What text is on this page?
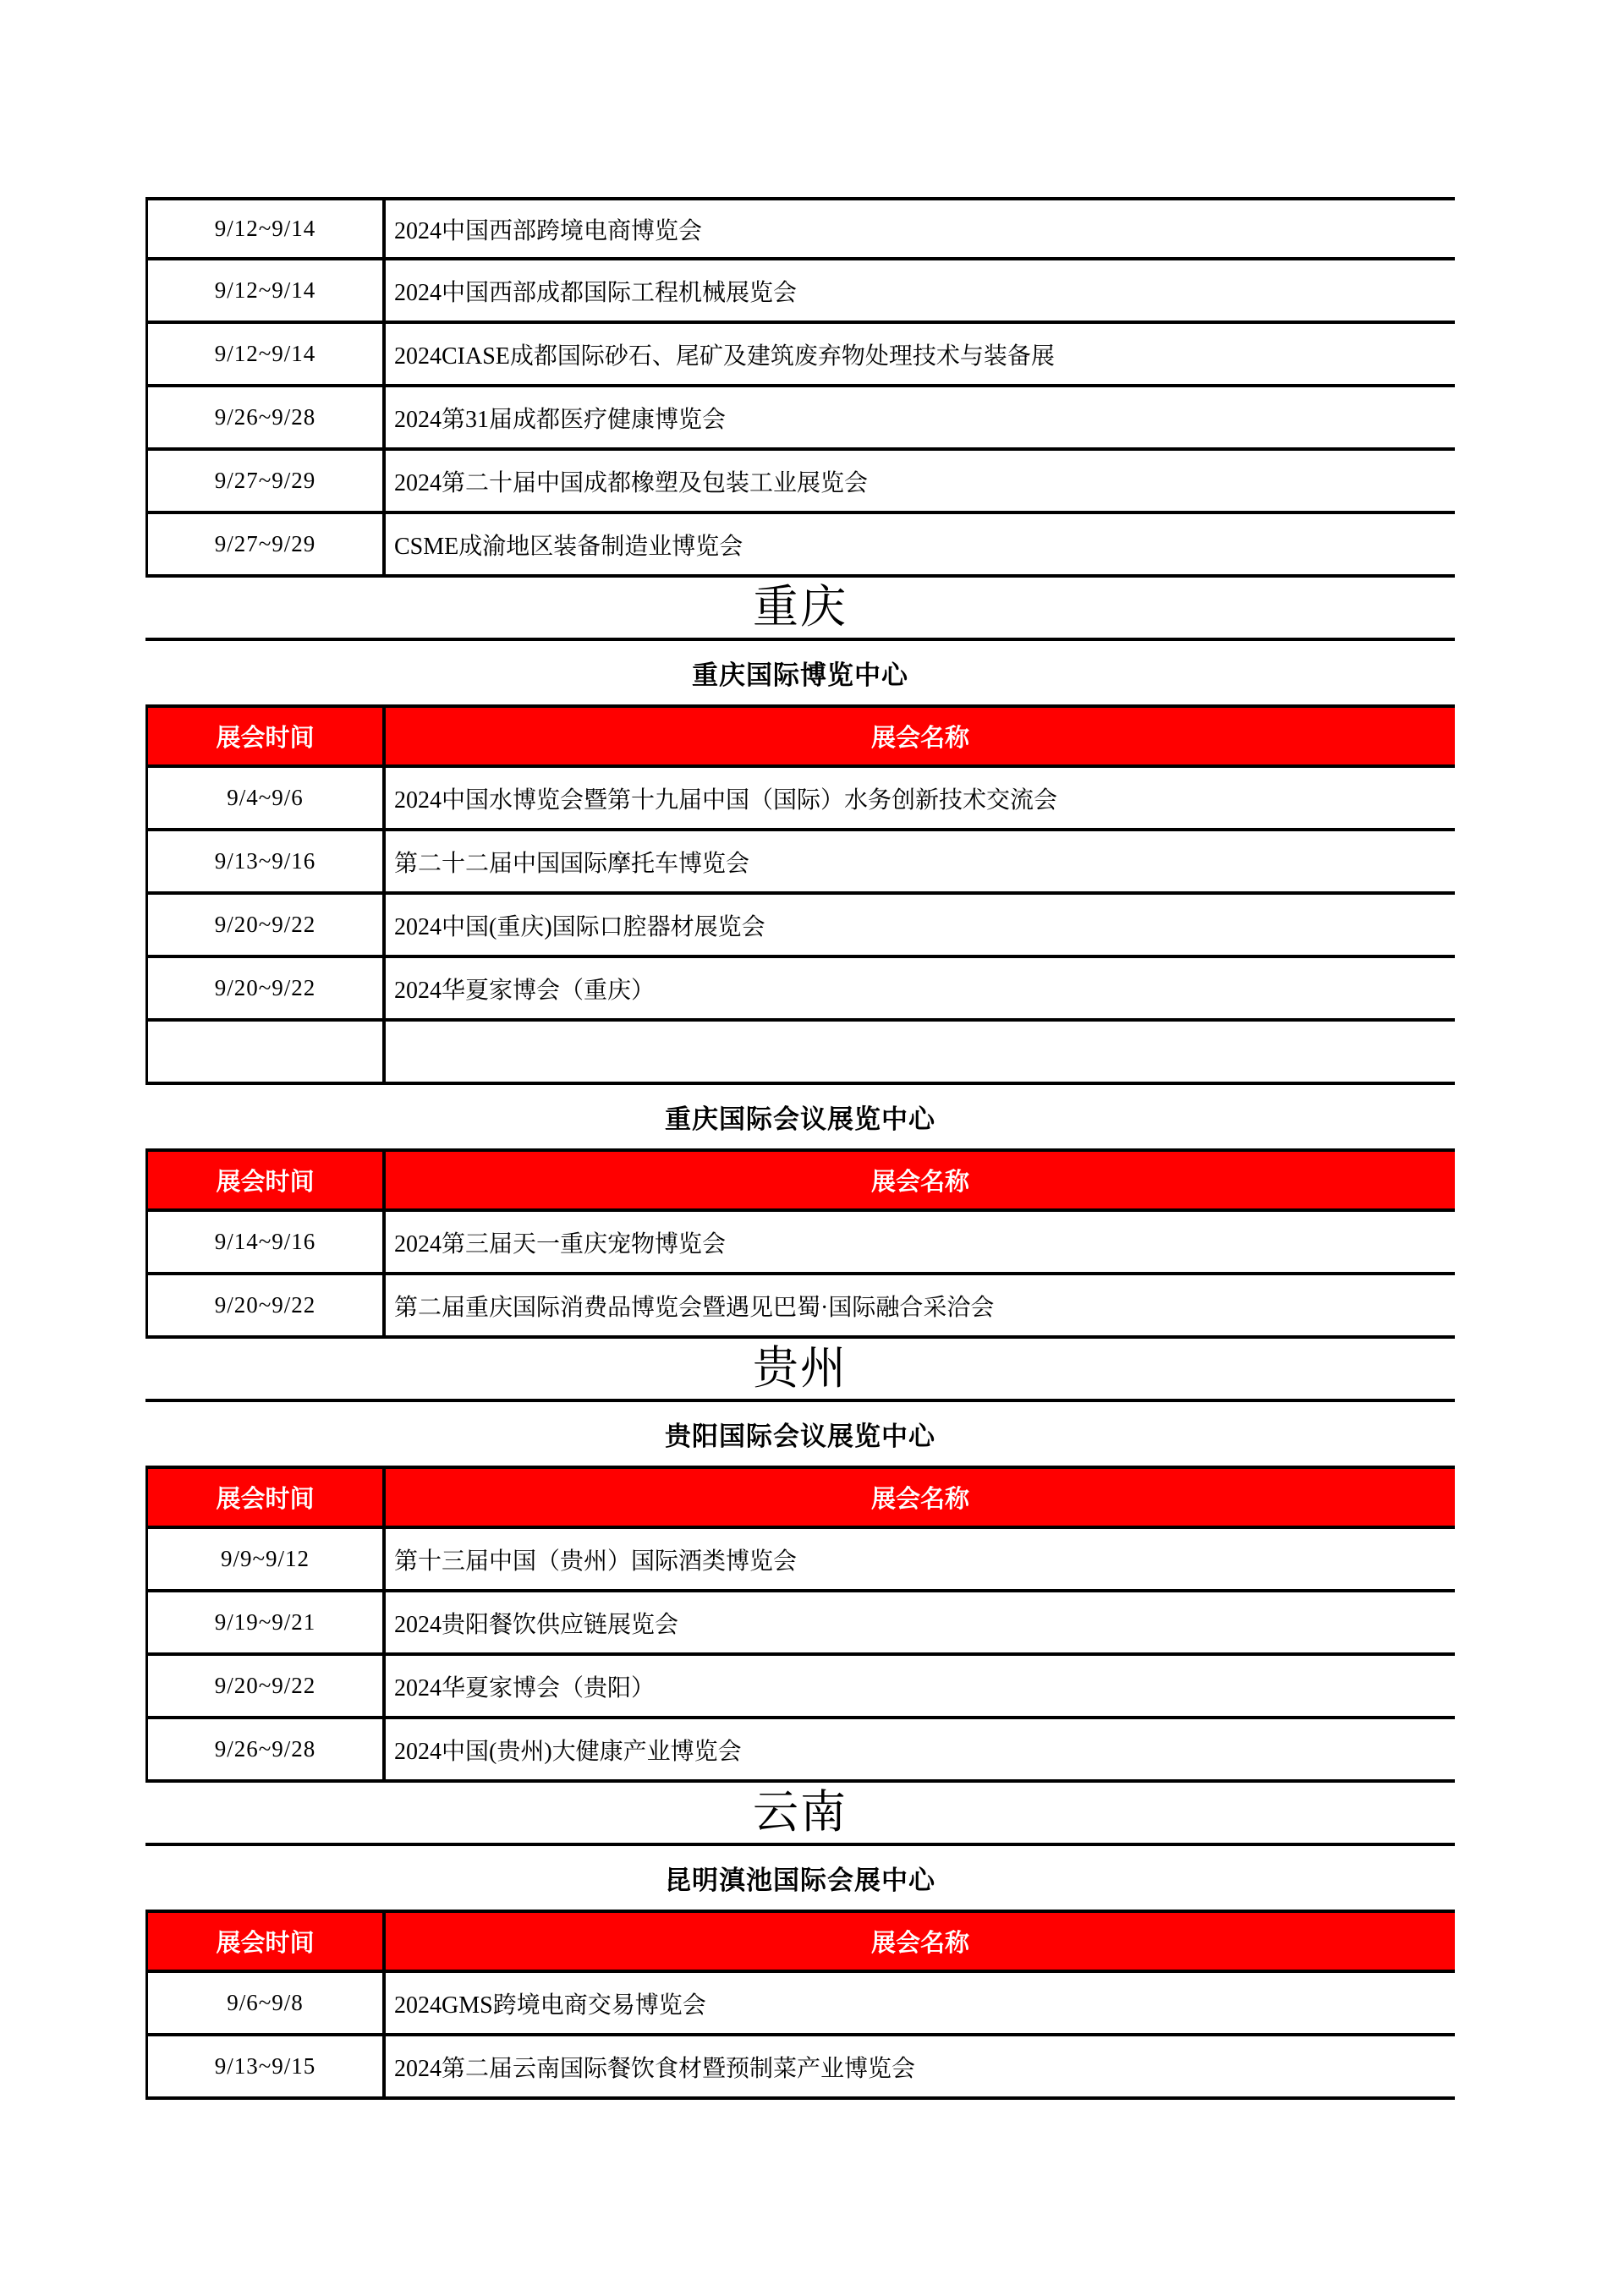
9/12~9/14	2024中国西部跨境电商博览会
9/12~9/14	2024中国西部成都国际工程机械展览会
9/12~9/14	2024CIASE成都国际砂石、尾矿及建筑废弃物处理技术与装备展
9/26~9/28	2024第31届成都医疗健康博览会
9/27~9/29	2024第二十届中国成都橡塑及包装工业展览会
9/27~9/29	CSME成渝地区装备制造业博览会
重庆
重庆国际博览中心
展会时间	展会名称
9/4~9/6	2024中国水博览会暨第十九届中国（国际）水务创新技术交流会
9/13~9/16	第二十二届中国国际摩托车博览会
9/20~9/22	2024中国(重庆)国际口腔器材展览会
9/20~9/22	2024华夏家博会（重庆）
重庆国际会议展览中心
展会时间	展会名称
9/14~9/16	2024第三届天一重庆宠物博览会
9/20~9/22	第二届重庆国际消费品博览会暨遇见巴蜀·国际融合采洽会
贵州
贵阳国际会议展览中心
展会时间	展会名称
9/9~9/12	第十三届中国（贵州）国际酒类博览会
9/19~9/21	2024贵阳餐饮供应链展览会
9/20~9/22	2024华夏家博会（贵阳）
9/26~9/28	2024中国(贵州)大健康产业博览会
云南
昆明滇池国际会展中心
展会时间	展会名称
9/6~9/8	2024GMS跨境电商交易博览会
9/13~9/15	2024第二届云南国际餐饮食材暨预制菜产业博览会
